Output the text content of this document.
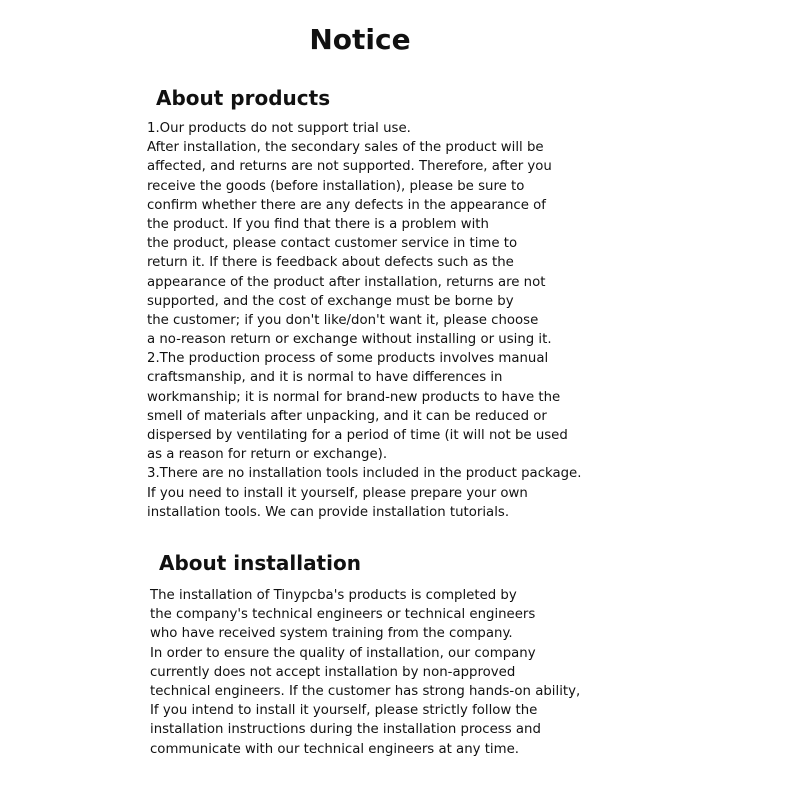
Notice
About products
1.Our products do not support trial use.
After installation, the secondary sales of the product will be
affected, and returns are not supported. Therefore, after you
receive the goods (before installation), please be sure to
confirm whether there are any defects in the appearance of
the product. If you find that there is a problem with
the product, please contact customer service in time to
return it. If there is feedback about defects such as the
appearance of the product after installation, returns are not
supported, and the cost of exchange must be borne by
the customer; if you don't like/don't want it, please choose
a no-reason return or exchange without installing or using it.
2.The production process of some products involves manual
craftsmanship, and it is normal to have differences in
workmanship; it is normal for brand-new products to have the
smell of materials after unpacking, and it can be reduced or
dispersed by ventilating for a period of time (it will not be used
as a reason for return or exchange).
3.There are no installation tools included in the product package.
If you need to install it yourself, please prepare your own
installation tools. We can provide installation tutorials.
About installation
The installation of Tinypcba's products is completed by
the company's technical engineers or technical engineers
who have received system training from the company.
In order to ensure the quality of installation, our company
currently does not accept installation by non-approved
technical engineers. If the customer has strong hands-on ability,
If you intend to install it yourself, please strictly follow the
installation instructions during the installation process and
communicate with our technical engineers at any time.
